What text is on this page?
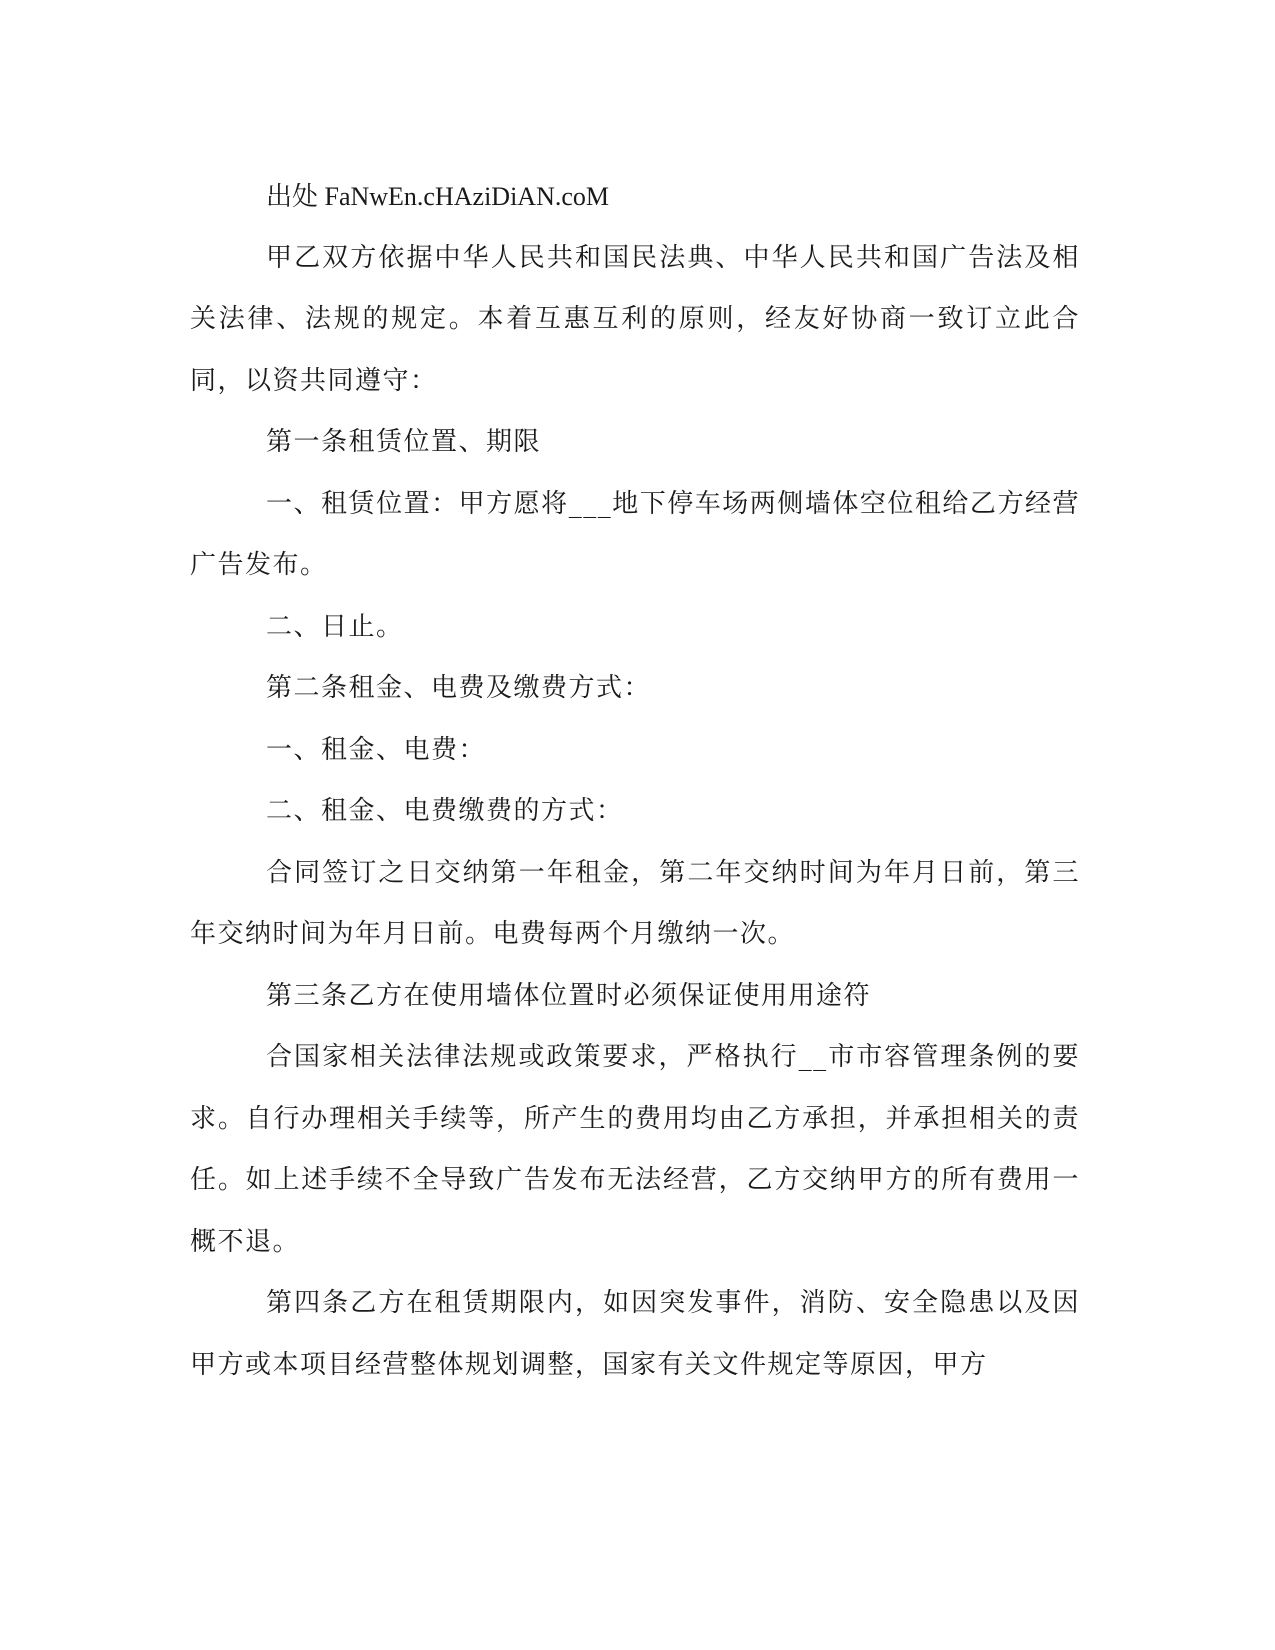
出处 FaNwEn.cHAziDiAN.coM

甲乙双方依据中华人民共和国民法典、中华人民共和国广告法及相关法律、法规的规定。本着互惠互利的原则，经友好协商一致订立此合同，以资共同遵守：

第一条租赁位置、期限

一、租赁位置：甲方愿将___地下停车场两侧墙体空位租给乙方经营广告发布。

二、日止。

第二条租金、电费及缴费方式：

一、租金、电费：

二、租金、电费缴费的方式：

合同签订之日交纳第一年租金，第二年交纳时间为年月日前，第三年交纳时间为年月日前。电费每两个月缴纳一次。

第三条乙方在使用墙体位置时必须保证使用用途符

合国家相关法律法规或政策要求，严格执行__市市容管理条例的要求。自行办理相关手续等，所产生的费用均由乙方承担，并承担相关的责任。如上述手续不全导致广告发布无法经营，乙方交纳甲方的所有费用一概不退。

第四条乙方在租赁期限内，如因突发事件，消防、安全隐患以及因甲方或本项目经营整体规划调整，国家有关文件规定等原因，甲方
